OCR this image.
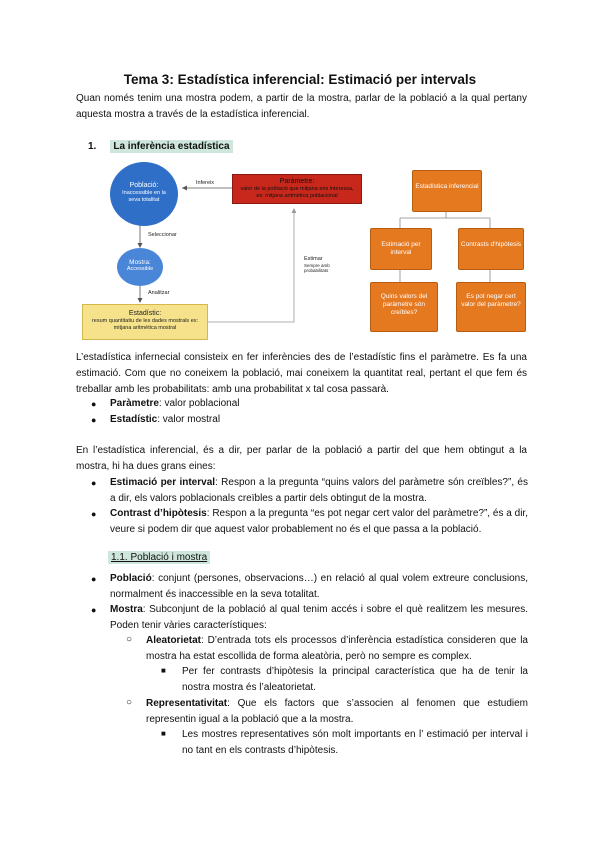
Tema 3: Estadística inferencial: Estimació per intervals
Quan només tenim una mostra podem, a partir de la mostra, parlar de la població a la qual pertany aquesta mostra a través de la estadística inferencial.
1. La inferència estadística
Població:
Inaccessible en la seva totalitat
Paràmetre:
valor de la població que mitjana ens interessa, ex: mitjana aritmètica poblacional
Infereix
Seleccionar
Mostra:
Accessible
Estimar
Sempre amb probabilitats
Analitzar
Estadístic:
resum quantitatiu de les dades mostrals ex: mitjana aritmètica mostral
Estadística inferencial
Estimació per interval
Contrasts d'hipòtesis
Quins valors del paràmetre són creïbles?
Es pot negar cert valor del paràmetre?
L’estadística infernecial consisteix en fer inferències des de l’estadístic fins el paràmetre. Es fa una estimació. Com que no coneixem la població, mai coneixem la quantitat real, pertant el que fem és treballar amb les probabilitats: amb una probabilitat x tal cosa passarà.
● Paràmetre: valor poblacional
● Estadístic: valor mostral
En l’estadística inferencial, és a dir, per parlar de la població a partir del que hem obtingut a la mostra, hi ha dues grans eines:
● Estimació per interval: Respon a la pregunta “quins valors del paràmetre són creïbles?”, és a dir, els valors poblacionals creïbles a partir dels obtingut de la mostra.
● Contrast d’hipòtesis: Respon a la pregunta “es pot negar cert valor del paràmetre?”, és a dir, veure si podem dir que aquest valor probablement no és el que passa a la població.
1.1. Població i mostra
● Població: conjunt (persones, observacions…) en relació al qual volem extreure conclusions, normalment és inaccessible en la seva totalitat.
● Mostra: Subconjunt de la població al qual tenim accés i sobre el què realitzem les mesures. Poden tenir vàries característiques:
○ Aleatorietat: D’entrada tots els processos d’inferència estadística consideren que la mostra ha estat escollida de forma aleatòria, però no sempre es complex.
■ Per fer contrasts d’hipòtesis la principal característica que ha de tenir la nostra mostra és l’aleatorietat.
○ Representativitat: Que els factors que s’associen al fenomen que estudiem representin igual a la població que a la mostra.
■ Les mostres representatives són molt importants en l’ estimació per interval i no tant en els contrasts d’hipòtesis.
